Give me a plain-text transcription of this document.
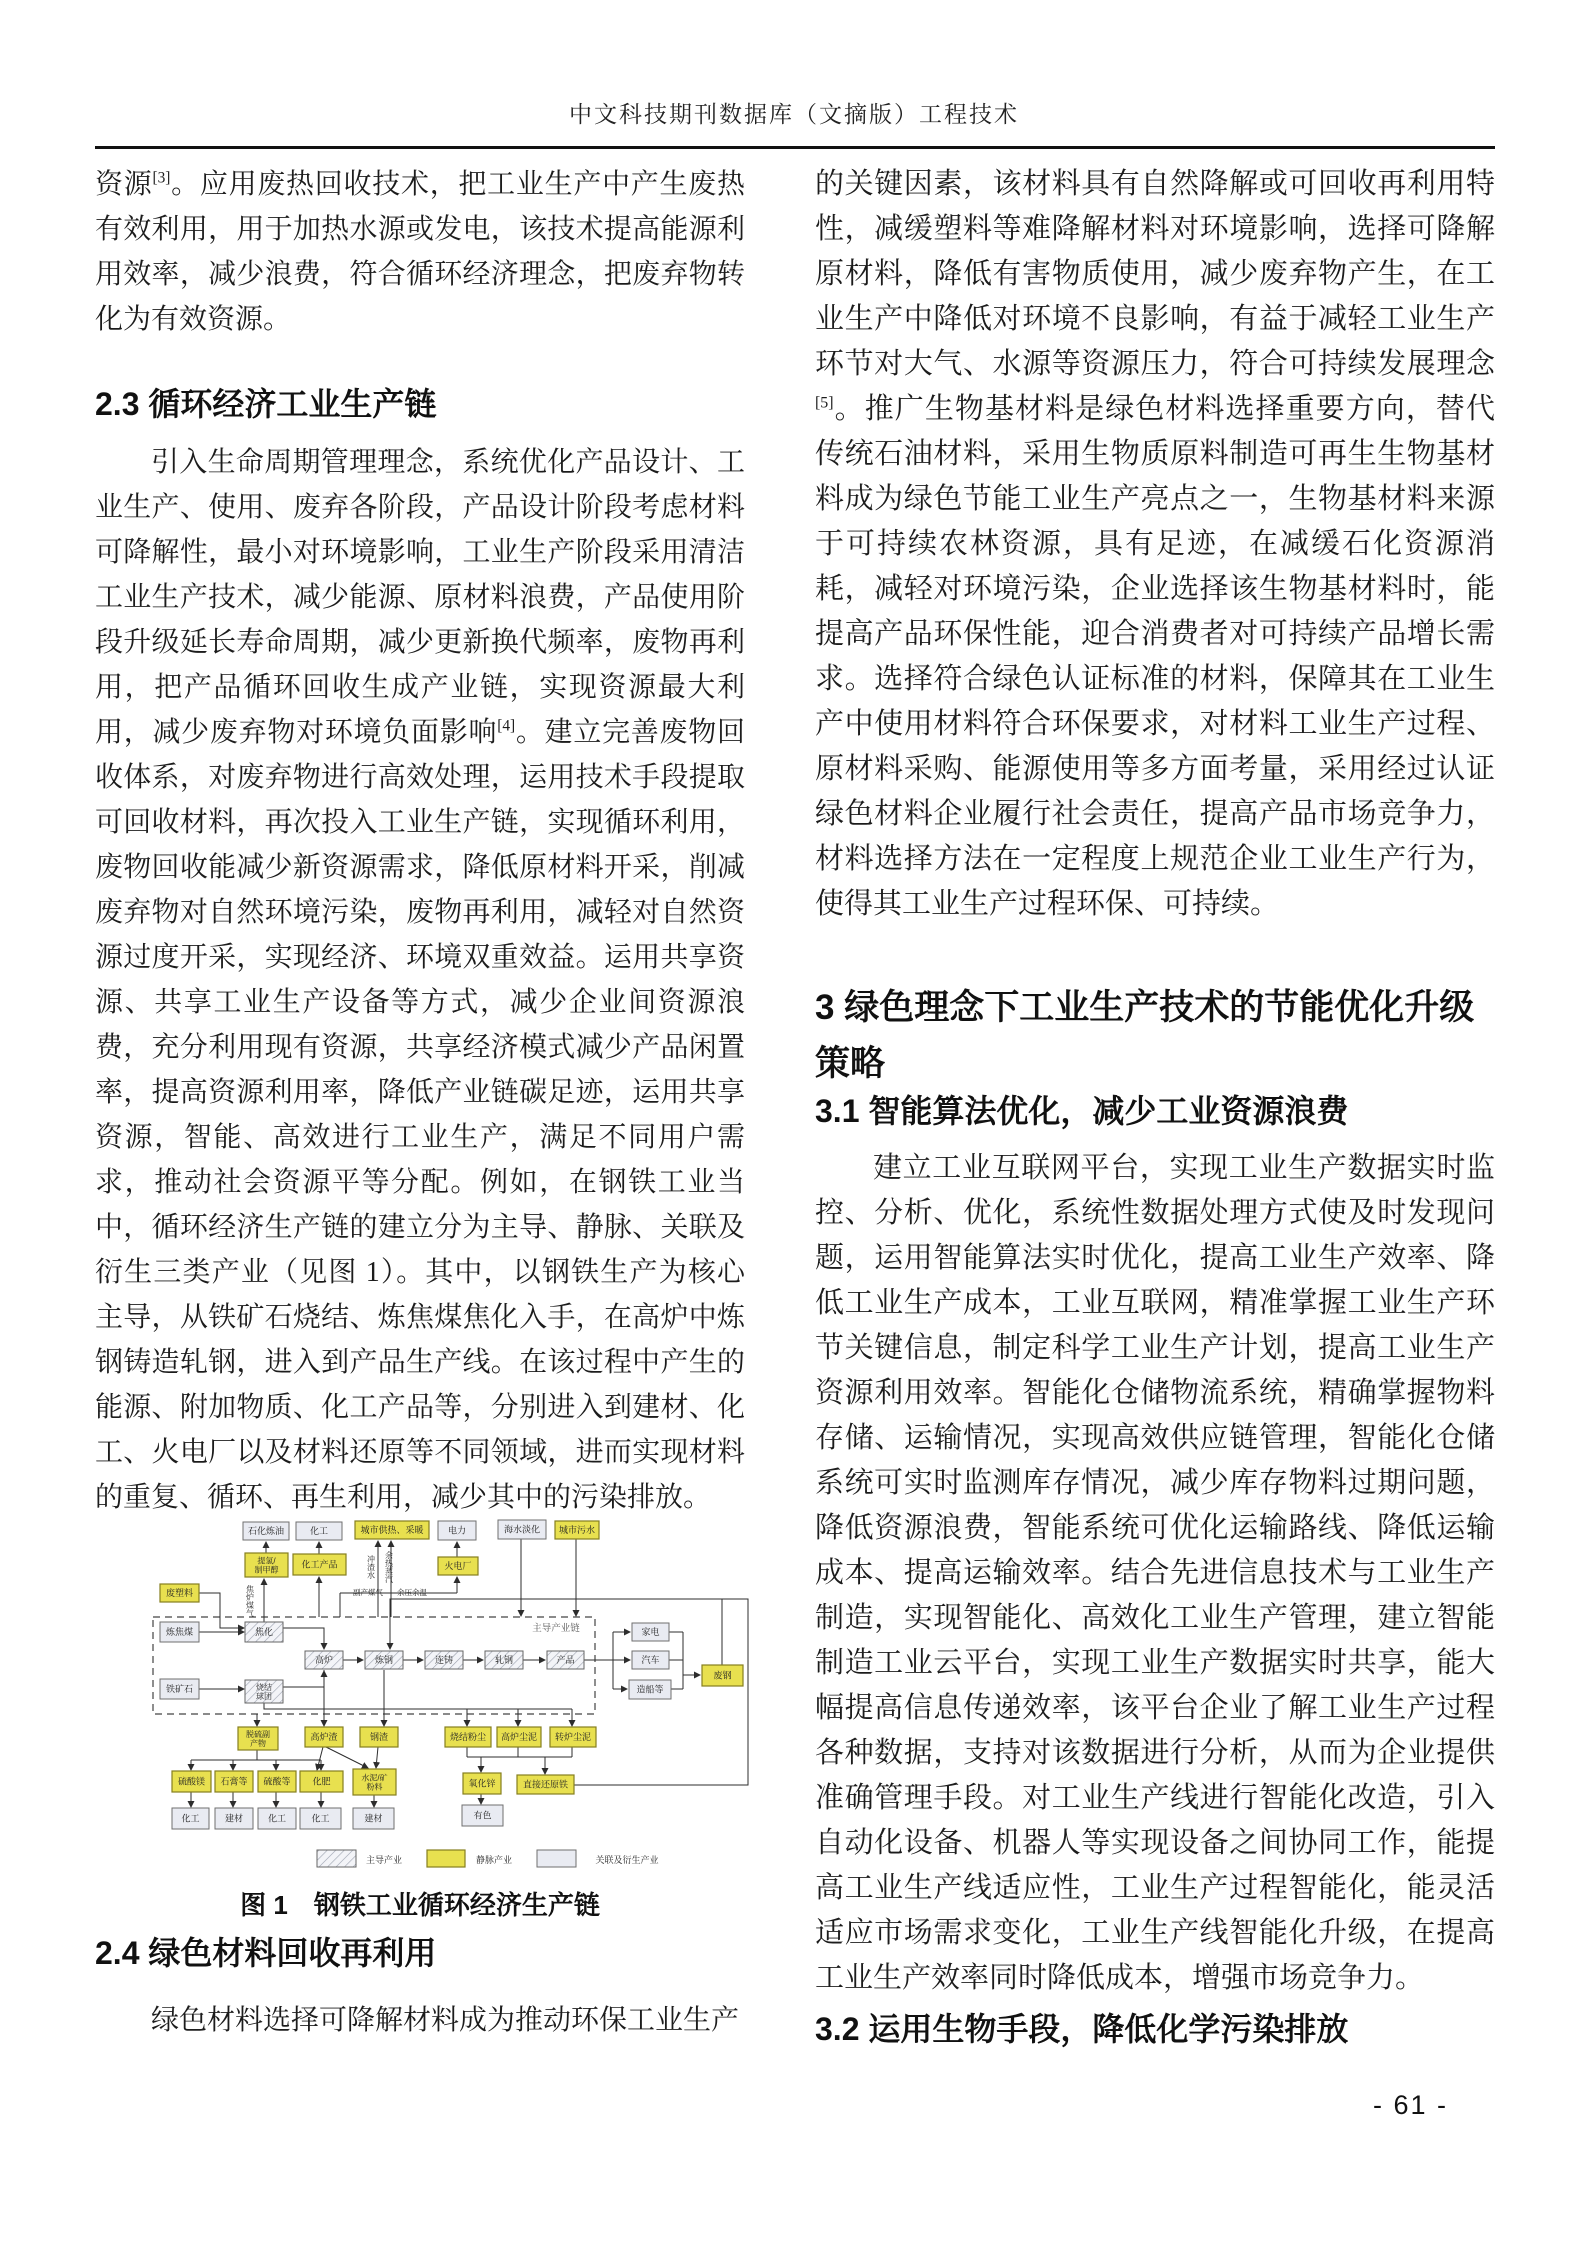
中文科技期刊数据库（文摘版）工程技术

资源[3]。应用废热回收技术，把工业生产中产生废热有效利用，用于加热水源或发电，该技术提高能源利用效率，减少浪费，符合循环经济理念，把废弃物转化为有效资源。

2.3 循环经济工业生产链

引入生命周期管理理念，系统优化产品设计、工业生产、使用、废弃各阶段，产品设计阶段考虑材料可降解性，最小对环境影响，工业生产阶段采用清洁工业生产技术，减少能源、原材料浪费，产品使用阶段升级延长寿命周期，减少更新换代频率，废物再利用，把产品循环回收生成产业链，实现资源最大利用，减少废弃物对环境负面影响[4]。建立完善废物回收体系，对废弃物进行高效处理，运用技术手段提取可回收材料，再次投入工业生产链，实现循环利用，废物回收能减少新资源需求，降低原材料开采，削减废弃物对自然环境污染，废物再利用，减轻对自然资源过度开采，实现经济、环境双重效益。运用共享资源、共享工业生产设备等方式，减少企业间资源浪费，充分利用现有资源，共享经济模式减少产品闲置率，提高资源利用率，降低产业链碳足迹，运用共享资源，智能、高效进行工业生产，满足不同用户需求，推动社会资源平等分配。例如，在钢铁工业当中，循环经济生产链的建立分为主导、静脉、关联及衍生三类产业（见图 1）。其中，以钢铁生产为核心主导，从铁矿石烧结、炼焦煤焦化入手，在高炉中炼钢铸造轧钢，进入到产品生产线。在该过程中产生的能源、附加物质、化工产品等，分别进入到建材、化工、火电厂以及材料还原等不同领域，进而实现材料的重复、循环、再生利用，减少其中的污染排放。

石化炼油	化工	城市供热、采暖	电力	海水淡化 城市污水
提氢/制甲醇
化工产品	火电厂
废塑料
炼焦煤	焦化
铁矿石	烧结球团
高炉	炼钢	连铸	轧钢	产品
家电
汽车
造船等
废钢
脱硫副产物
高炉渣	钢渣	烧结粉尘 高炉尘泥 转炉尘泥
硫酸镁 石膏等 硫酸等 化肥	水泥/矿粉料	氧化锌	直接还原铁
化工	建材	化工	化工	建材	有色
焦炉煤气
冲渣水 余热蒸汽
副产煤气 余压余温
主导产业链
主导产业	静脉产业	关联及衍生产业
图 1　钢铁工业循环经济生产链
2.4 绿色材料回收再利用

绿色材料选择可降解材料成为推动环保工业生产

的关键因素，该材料具有自然降解或可回收再利用特性，减缓塑料等难降解材料对环境影响，选择可降解原材料，降低有害物质使用，减少废弃物产生，在工业生产中降低对环境不良影响，有益于减轻工业生产环节对大气、水源等资源压力，符合可持续发展理念[5]。推广生物基材料是绿色材料选择重要方向，替代传统石油材料，采用生物质原料制造可再生生物基材料成为绿色节能工业生产亮点之一，生物基材料来源于可持续农林资源，具有足迹，在减缓石化资源消耗，减轻对环境污染，企业选择该生物基材料时，能提高产品环保性能，迎合消费者对可持续产品增长需求。选择符合绿色认证标准的材料，保障其在工业生产中使用材料符合环保要求，对材料工业生产过程、原材料采购、能源使用等多方面考量，采用经过认证绿色材料企业履行社会责任，提高产品市场竞争力，材料选择方法在一定程度上规范企业工业生产行为，使得其工业生产过程环保、可持续。

3 绿色理念下工业生产技术的节能优化升级策略
3.1 智能算法优化，减少工业资源浪费

建立工业互联网平台，实现工业生产数据实时监控、分析、优化，系统性数据处理方式使及时发现问题，运用智能算法实时优化，提高工业生产效率、降低工业生产成本，工业互联网，精准掌握工业生产环节关键信息，制定科学工业生产计划，提高工业生产资源利用效率。智能化仓储物流系统，精确掌握物料存储、运输情况，实现高效供应链管理，智能化仓储系统可实时监测库存情况，减少库存物料过期问题，降低资源浪费，智能系统可优化运输路线、降低运输成本、提高运输效率。结合先进信息技术与工业生产制造，实现智能化、高效化工业生产管理，建立智能制造工业云平台，实现工业生产数据实时共享，能大幅提高信息传递效率，该平台企业了解工业生产过程各种数据，支持对该数据进行分析，从而为企业提供准确管理手段。对工业生产线进行智能化改造，引入自动化设备、机器人等实现设备之间协同工作，能提高工业生产线适应性，工业生产过程智能化，能灵活适应市场需求变化，工业生产线智能化升级，在提高工业生产效率同时降低成本，增强市场竞争力。

3.2 运用生物手段，降低化学污染排放
- 61 -
